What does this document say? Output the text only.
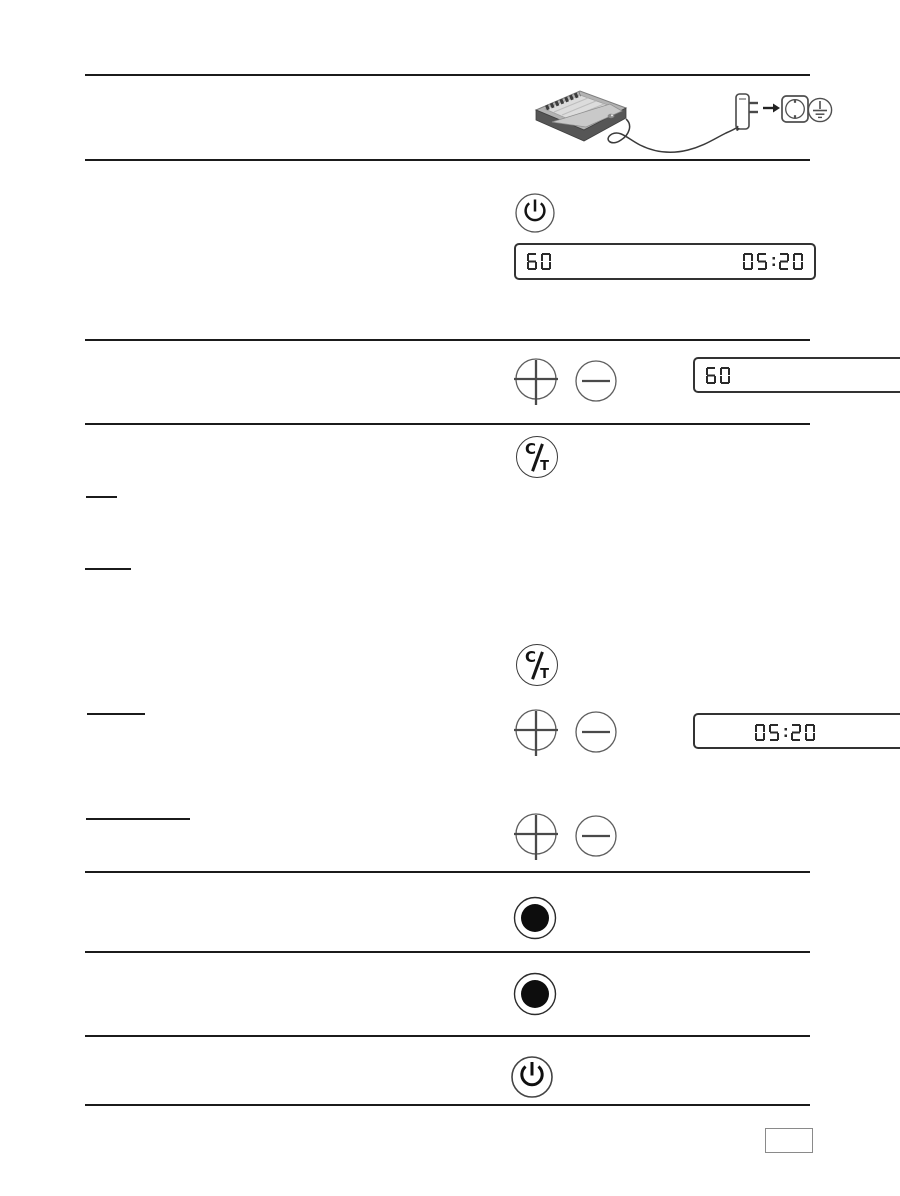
C
T
C
T
